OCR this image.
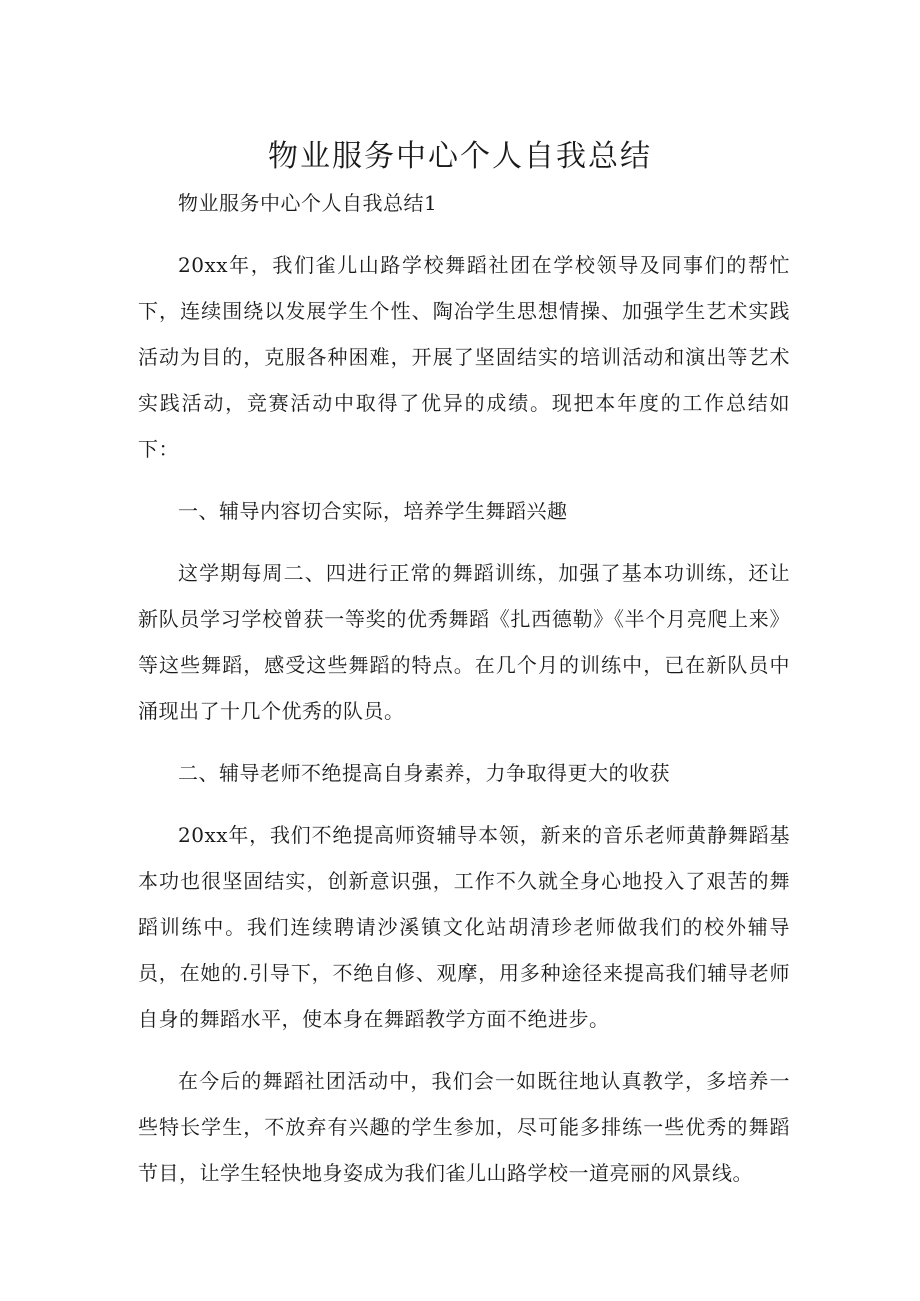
物业服务中心个人自我总结

物业服务中心个人自我总结1

20xx年，我们雀儿山路学校舞蹈社团在学校领导及同事们的帮忙下，连续围绕以发展学生个性、陶冶学生思想情操、加强学生艺术实践活动为目的，克服各种困难，开展了坚固结实的培训活动和演出等艺术实践活动，竞赛活动中取得了优异的成绩。现把本年度的工作总结如下：

一、辅导内容切合实际，培养学生舞蹈兴趣

这学期每周二、四进行正常的舞蹈训练，加强了基本功训练，还让新队员学习学校曾获一等奖的优秀舞蹈《扎西德勒》《半个月亮爬上来》等这些舞蹈，感受这些舞蹈的特点。在几个月的训练中，已在新队员中涌现出了十几个优秀的队员。

二、辅导老师不绝提高自身素养，力争取得更大的收获

20xx年，我们不绝提高师资辅导本领，新来的音乐老师黄静舞蹈基本功也很坚固结实，创新意识强，工作不久就全身心地投入了艰苦的舞蹈训练中。我们连续聘请沙溪镇文化站胡清珍老师做我们的校外辅导员，在她的.引导下，不绝自修、观摩，用多种途径来提高我们辅导老师自身的舞蹈水平，使本身在舞蹈教学方面不绝进步。

在今后的舞蹈社团活动中，我们会一如既往地认真教学，多培养一些特长学生，不放弃有兴趣的学生参加，尽可能多排练一些优秀的舞蹈节目，让学生轻快地身姿成为我们雀儿山路学校一道亮丽的风景线。
